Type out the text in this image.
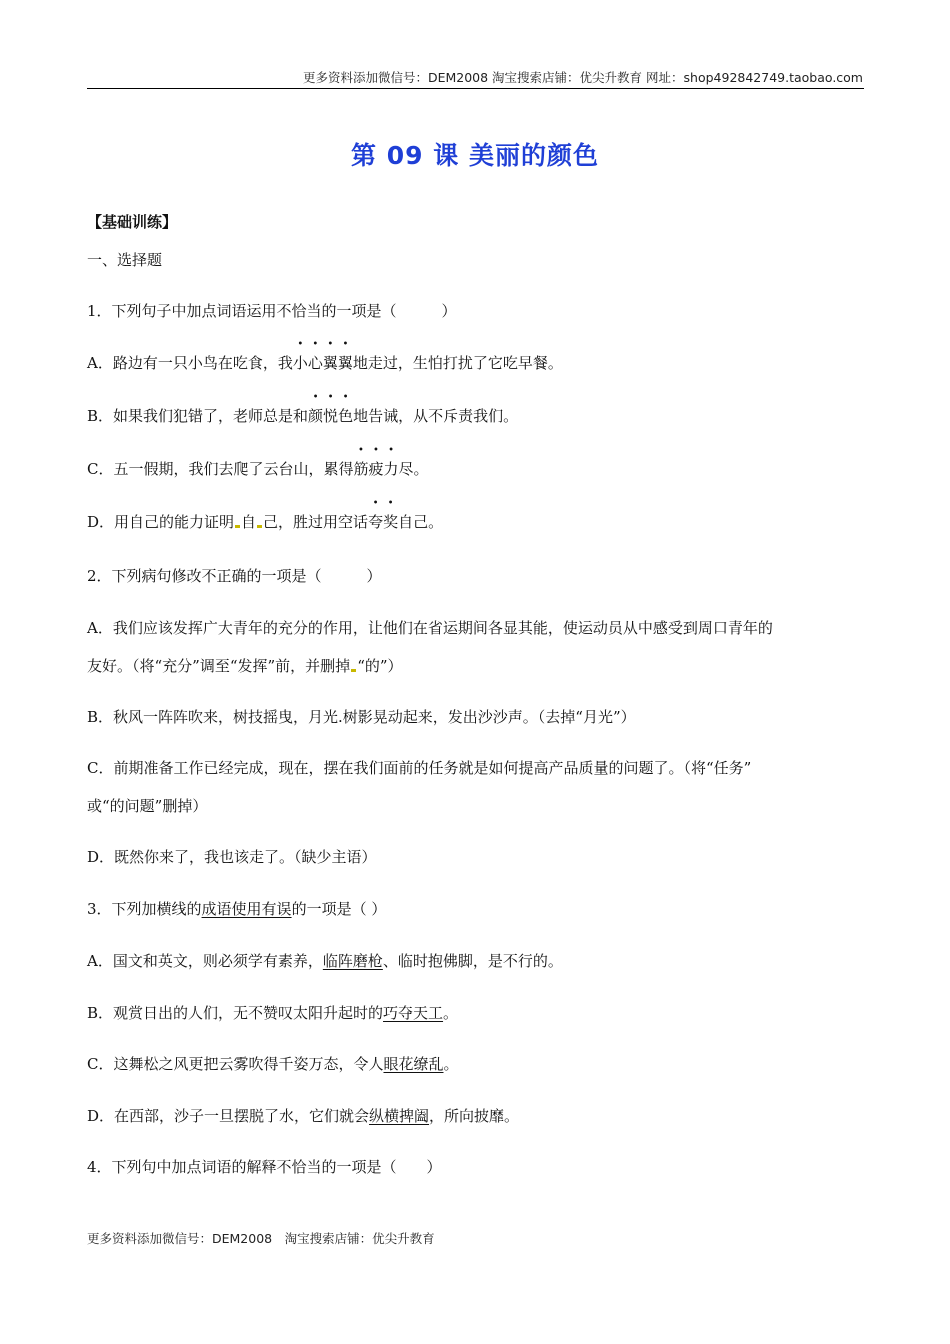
更多资料添加微信号：DEM2008 淘宝搜索店铺：优尖升教育 网址：shop492842749.taobao.com
第 09 课 美丽的颜色
【基础训练】
一、选择题
1．下列句子中加点词语运用不恰当的一项是（　　　）
A．路边有一只小鸟在吃食，我小心翼翼地走过，生怕打扰了它吃早餐。
B．如果我们犯错了，老师总是和颜悦色地告诫，从不斥责我们。
C．五一假期，我们去爬了云台山，累得筋疲力尽。
D．用自己的能力证明 自 己，胜过用空话夸奖自己。
2．下列病句修改不正确的一项是（　　　）
A．我们应该发挥广大青年的充分的作用，让他们在省运期间各显其能，使运动员从中感受到周口青年的
友好。（将“充分”调至“发挥”前，并删掉 “的”）
B．秋风一阵阵吹来，树技摇曳，月光.树影晃动起来，发出沙沙声。（去掉“月光”）
C．前期准备工作已经完成，现在，摆在我们面前的任务就是如何提高产品质量的问题了。（将“任务”
或“的问题”删掉）
D．既然你来了，我也该走了。（缺少主语）
3．下列加横线的成语使用有误的一项是（ ）
A．国文和英文，则必须学有素养，临阵磨枪、临时抱佛脚，是不行的。
B．观赏日出的人们，无不赞叹太阳升起时的巧夺天工。
C．这舞松之风更把云雾吹得千姿万态，令人眼花缭乱。
D．在西部，沙子一旦摆脱了水，它们就会纵横捭阖，所向披靡。
4．下列句中加点词语的解释不恰当的一项是（　　）
更多资料添加微信号：DEM2008　淘宝搜索店铺：优尖升教育
